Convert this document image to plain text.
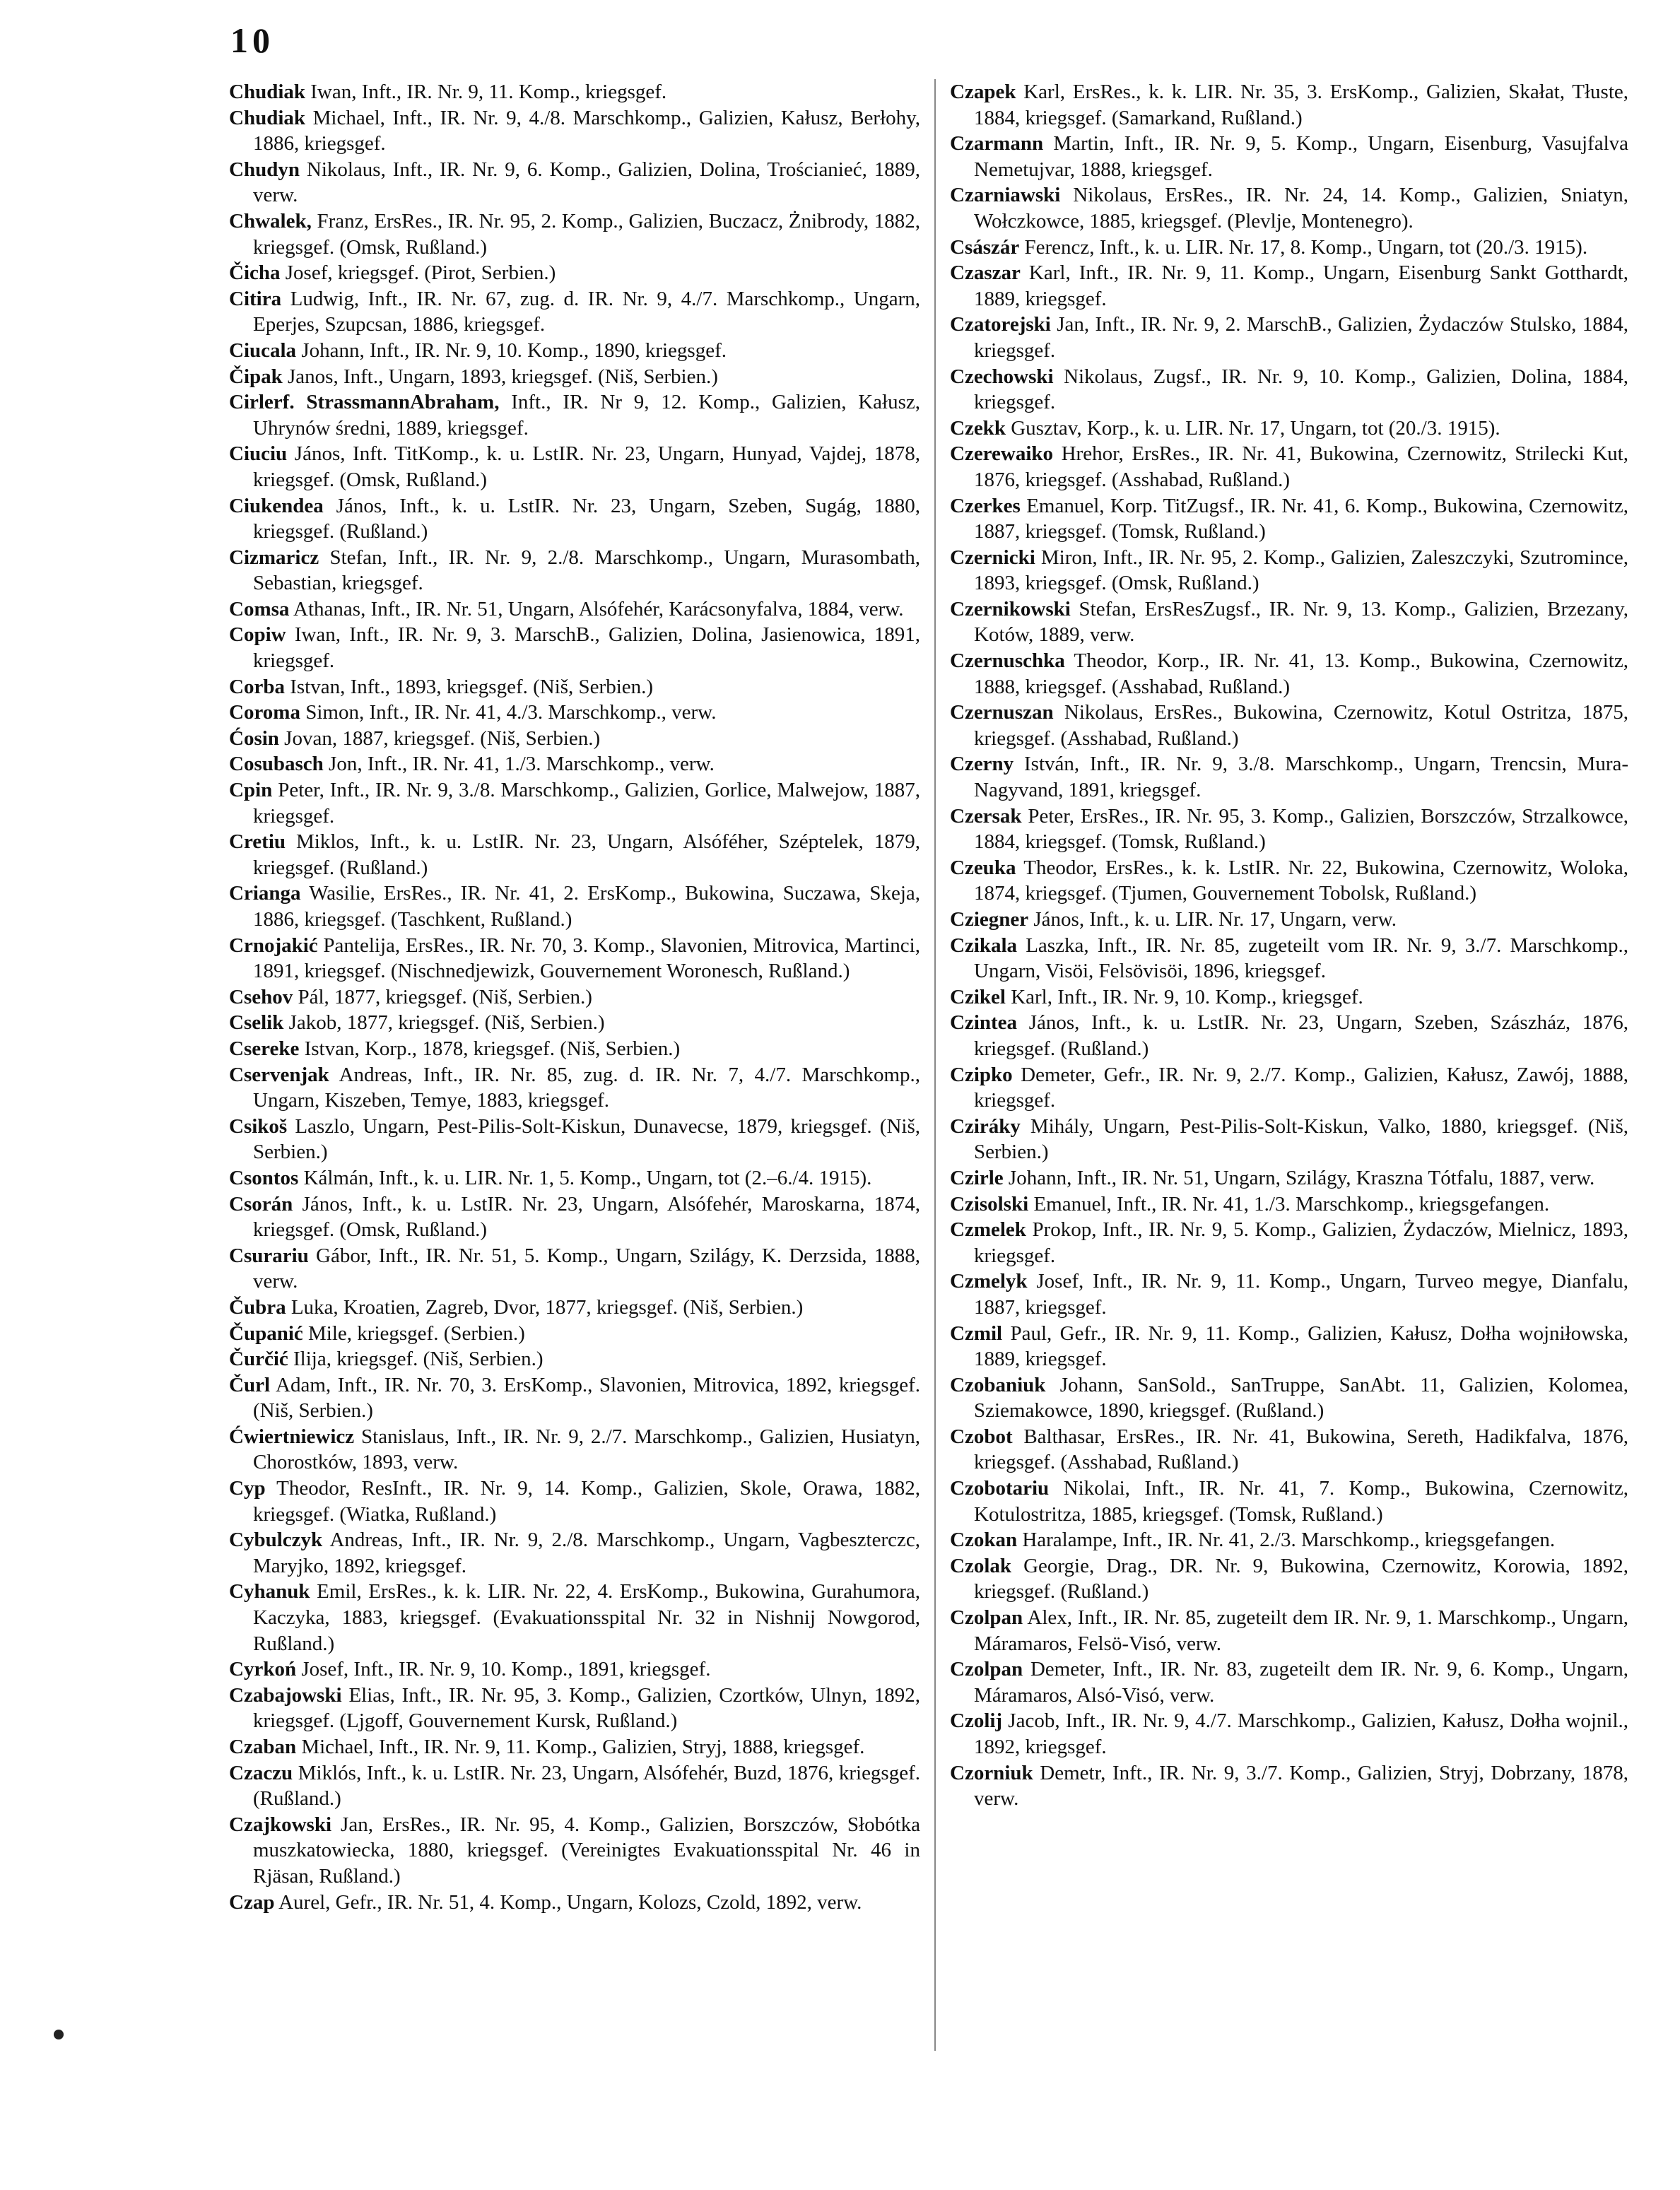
10

Chudiak Iwan, Inft., IR. Nr. 9, 11. Komp., kriegsgef.

Chudiak Michael, Inft., IR. Nr. 9, 4./8. Marschkomp., Galizien, Kałusz, Berłohy, 1886, kriegsgef.

Chudyn Nikolaus, Inft., IR. Nr. 9, 6. Komp., Galizien, Dolina, Trościanieć, 1889, verw.

Chwalek, Franz, ErsRes., IR. Nr. 95, 2. Komp., Galizien, Buczacz, Żnibrody, 1882, kriegsgef. (Omsk, Rußland.)

Čicha Josef, kriegsgef. (Pirot, Serbien.)

Citira Ludwig, Inft., IR. Nr. 67, zug. d. IR. Nr. 9, 4./7. Marschkomp., Ungarn, Eperjes, Szupcsan, 1886, kriegsgef.

Ciucala Johann, Inft., IR. Nr. 9, 10. Komp., 1890, kriegsgef.

Čipak Janos, Inft., Ungarn, 1893, kriegsgef. (Niš, Serbien.)

Cirlerf. StrassmannAbraham, Inft., IR. Nr 9, 12. Komp., Galizien, Kałusz, Uhrynów średni, 1889, kriegsgef.

Ciuciu János, Inft. TitKomp., k. u. LstIR. Nr. 23, Ungarn, Hunyad, Vajdej, 1878, kriegsgef. (Omsk, Rußland.)

Ciukendea János, Inft., k. u. LstIR. Nr. 23, Ungarn, Szeben, Sugág, 1880, kriegsgef. (Rußland.)

Cizmaricz Stefan, Inft., IR. Nr. 9, 2./8. Marschkomp., Ungarn, Murasombath, Sebastian, kriegsgef.

Comsa Athanas, Inft., IR. Nr. 51, Ungarn, Alsófehér, Karácsonyfalva, 1884, verw.

Copiw Iwan, Inft., IR. Nr. 9, 3. MarschB., Galizien, Dolina, Jasienowica, 1891, kriegsgef.

Corba Istvan, Inft., 1893, kriegsgef. (Niš, Serbien.)

Coroma Simon, Inft., IR. Nr. 41, 4./3. Marschkomp., verw.

Ćosin Jovan, 1887, kriegsgef. (Niš, Serbien.)

Cosubasch Jon, Inft., IR. Nr. 41, 1./3. Marschkomp., verw.

Cpin Peter, Inft., IR. Nr. 9, 3./8. Marschkomp., Galizien, Gorlice, Malwejow, 1887, kriegsgef.

Cretiu Miklos, Inft., k. u. LstIR. Nr. 23, Ungarn, Alsóféher, Széptelek, 1879, kriegsgef. (Rußland.)

Crianga Wasilie, ErsRes., IR. Nr. 41, 2. ErsKomp., Bukowina, Suczawa, Skeja, 1886, kriegsgef. (Taschkent, Rußland.)

Crnojakić Pantelija, ErsRes., IR. Nr. 70, 3. Komp., Slavonien, Mitrovica, Martinci, 1891, kriegsgef. (Nischnedjewizk, Gouvernement Woronesch, Rußland.)

Csehov Pál, 1877, kriegsgef. (Niš, Serbien.)

Cselik Jakob, 1877, kriegsgef. (Niš, Serbien.)

Csereke Istvan, Korp., 1878, kriegsgef. (Niš, Serbien.)

Cservenjak Andreas, Inft., IR. Nr. 85, zug. d. IR. Nr. 7, 4./7. Marschkomp., Ungarn, Kiszeben, Temye, 1883, kriegsgef.

Csikoš Laszlo, Ungarn, Pest-Pilis-Solt-Kiskun, Dunavecse, 1879, kriegsgef. (Niš, Serbien.)

Csontos Kálmán, Inft., k. u. LIR. Nr. 1, 5. Komp., Ungarn, tot (2.–6./4. 1915).

Csorán János, Inft., k. u. LstIR. Nr. 23, Ungarn, Alsófehér, Maroskarna, 1874, kriegsgef. (Omsk, Rußland.)

Csurariu Gábor, Inft., IR. Nr. 51, 5. Komp., Ungarn, Szilágy, K. Derzsida, 1888, verw.

Čubra Luka, Kroatien, Zagreb, Dvor, 1877, kriegsgef. (Niš, Serbien.)

Čupanić Mile, kriegsgef. (Serbien.)

Čurčić Ilija, kriegsgef. (Niš, Serbien.)

Čurl Adam, Inft., IR. Nr. 70, 3. ErsKomp., Slavonien, Mitrovica, 1892, kriegsgef. (Niš, Serbien.)

Ćwiertniewicz Stanislaus, Inft., IR. Nr. 9, 2./7. Marschkomp., Galizien, Husiatyn, Chorostków, 1893, verw.

Cyp Theodor, ResInft., IR. Nr. 9, 14. Komp., Galizien, Skole, Orawa, 1882, kriegsgef. (Wiatka, Rußland.)

Cybulczyk Andreas, Inft., IR. Nr. 9, 2./8. Marschkomp., Ungarn, Vagbeszterczc, Maryjko, 1892, kriegsgef.

Cyhanuk Emil, ErsRes., k. k. LIR. Nr. 22, 4. ErsKomp., Bukowina, Gurahumora, Kaczyka, 1883, kriegsgef. (Evakuationsspital Nr. 32 in Nishnij Nowgorod, Rußland.)

Cyrkoń Josef, Inft., IR. Nr. 9, 10. Komp., 1891, kriegsgef.

Czabajowski Elias, Inft., IR. Nr. 95, 3. Komp., Galizien, Czortków, Ulnyn, 1892, kriegsgef. (Ljgoff, Gouvernement Kursk, Rußland.)

Czaban Michael, Inft., IR. Nr. 9, 11. Komp., Galizien, Stryj, 1888, kriegsgef.

Czaczu Miklós, Inft., k. u. LstIR. Nr. 23, Ungarn, Alsófehér, Buzd, 1876, kriegsgef. (Rußland.)

Czajkowski Jan, ErsRes., IR. Nr. 95, 4. Komp., Galizien, Borszczów, Słobótka muszkatowiecka, 1880, kriegsgef. (Vereinigtes Evakuationsspital Nr. 46 in Rjäsan, Rußland.)

Czap Aurel, Gefr., IR. Nr. 51, 4. Komp., Ungarn, Kolozs, Czold, 1892, verw.

Czapek Karl, ErsRes., k. k. LIR. Nr. 35, 3. ErsKomp., Galizien, Skałat, Tłuste, 1884, kriegsgef. (Samarkand, Rußland.)

Czarmann Martin, Inft., IR. Nr. 9, 5. Komp., Ungarn, Eisenburg, Vasujfalva Nemetujvar, 1888, kriegsgef.

Czarniawski Nikolaus, ErsRes., IR. Nr. 24, 14. Komp., Galizien, Sniatyn, Wołczkowce, 1885, kriegsgef. (Plevlje, Montenegro).

Császár Ferencz, Inft., k. u. LIR. Nr. 17, 8. Komp., Ungarn, tot (20./3. 1915).

Czaszar Karl, Inft., IR. Nr. 9, 11. Komp., Ungarn, Eisenburg Sankt Gotthardt, 1889, kriegsgef.

Czatorejski Jan, Inft., IR. Nr. 9, 2. MarschB., Galizien, Żydaczów Stulsko, 1884, kriegsgef.

Czechowski Nikolaus, Zugsf., IR. Nr. 9, 10. Komp., Galizien, Dolina, 1884, kriegsgef.

Czekk Gusztav, Korp., k. u. LIR. Nr. 17, Ungarn, tot (20./3. 1915).

Czerewaiko Hrehor, ErsRes., IR. Nr. 41, Bukowina, Czernowitz, Strilecki Kut, 1876, kriegsgef. (Asshabad, Rußland.)

Czerkes Emanuel, Korp. TitZugsf., IR. Nr. 41, 6. Komp., Bukowina, Czernowitz, 1887, kriegsgef. (Tomsk, Rußland.)

Czernicki Miron, Inft., IR. Nr. 95, 2. Komp., Galizien, Zaleszczyki, Szutromince, 1893, kriegsgef. (Omsk, Rußland.)

Czernikowski Stefan, ErsResZugsf., IR. Nr. 9, 13. Komp., Galizien, Brzezany, Kotów, 1889, verw.

Czernuschka Theodor, Korp., IR. Nr. 41, 13. Komp., Bukowina, Czernowitz, 1888, kriegsgef. (Asshabad, Rußland.)

Czernuszan Nikolaus, ErsRes., Bukowina, Czernowitz, Kotul Ostritza, 1875, kriegsgef. (Asshabad, Rußland.)

Czerny István, Inft., IR. Nr. 9, 3./8. Marschkomp., Ungarn, Trencsin, Mura-Nagyvand, 1891, kriegsgef.

Czersak Peter, ErsRes., IR. Nr. 95, 3. Komp., Galizien, Borszczów, Strzalkowce, 1884, kriegsgef. (Tomsk, Rußland.)

Czeuka Theodor, ErsRes., k. k. LstIR. Nr. 22, Bukowina, Czernowitz, Woloka, 1874, kriegsgef. (Tjumen, Gouvernement Tobolsk, Rußland.)

Cziegner János, Inft., k. u. LIR. Nr. 17, Ungarn, verw.

Czikala Laszka, Inft., IR. Nr. 85, zugeteilt vom IR. Nr. 9, 3./7. Marschkomp., Ungarn, Visöi, Felsövisöi, 1896, kriegsgef.

Czikel Karl, Inft., IR. Nr. 9, 10. Komp., kriegsgef.

Czintea János, Inft., k. u. LstIR. Nr. 23, Ungarn, Szeben, Szászház, 1876, kriegsgef. (Rußland.)

Czipko Demeter, Gefr., IR. Nr. 9, 2./7. Komp., Galizien, Kałusz, Zawój, 1888, kriegsgef.

Cziráky Mihály, Ungarn, Pest-Pilis-Solt-Kiskun, Valko, 1880, kriegsgef. (Niš, Serbien.)

Czirle Johann, Inft., IR. Nr. 51, Ungarn, Szilágy, Kraszna Tótfalu, 1887, verw.

Czisolski Emanuel, Inft., IR. Nr. 41, 1./3. Marschkomp., kriegsgefangen.

Czmelek Prokop, Inft., IR. Nr. 9, 5. Komp., Galizien, Żydaczów, Mielnicz, 1893, kriegsgef.

Czmelyk Josef, Inft., IR. Nr. 9, 11. Komp., Ungarn, Turveo megye, Dianfalu, 1887, kriegsgef.

Czmil Paul, Gefr., IR. Nr. 9, 11. Komp., Galizien, Kałusz, Dołha wojniłowska, 1889, kriegsgef.

Czobaniuk Johann, SanSold., SanTruppe, SanAbt. 11, Galizien, Kolomea, Sziemakowce, 1890, kriegsgef. (Rußland.)

Czobot Balthasar, ErsRes., IR. Nr. 41, Bukowina, Sereth, Hadikfalva, 1876, kriegsgef. (Asshabad, Rußland.)

Czobotariu Nikolai, Inft., IR. Nr. 41, 7. Komp., Bukowina, Czernowitz, Kotulostritza, 1885, kriegsgef. (Tomsk, Rußland.)

Czokan Haralampe, Inft., IR. Nr. 41, 2./3. Marschkomp., kriegsgefangen.

Czolak Georgie, Drag., DR. Nr. 9, Bukowina, Czernowitz, Korowia, 1892, kriegsgef. (Rußland.)

Czolpan Alex, Inft., IR. Nr. 85, zugeteilt dem IR. Nr. 9, 1. Marschkomp., Ungarn, Máramaros, Felsö-Visó, verw.

Czolpan Demeter, Inft., IR. Nr. 83, zugeteilt dem IR. Nr. 9, 6. Komp., Ungarn, Máramaros, Alsó-Visó, verw.

Czolij Jacob, Inft., IR. Nr. 9, 4./7. Marschkomp., Galizien, Kałusz, Dołha wojnil., 1892, kriegsgef.

Czorniuk Demetr, Inft., IR. Nr. 9, 3./7. Komp., Galizien, Stryj, Dobrzany, 1878, verw.
